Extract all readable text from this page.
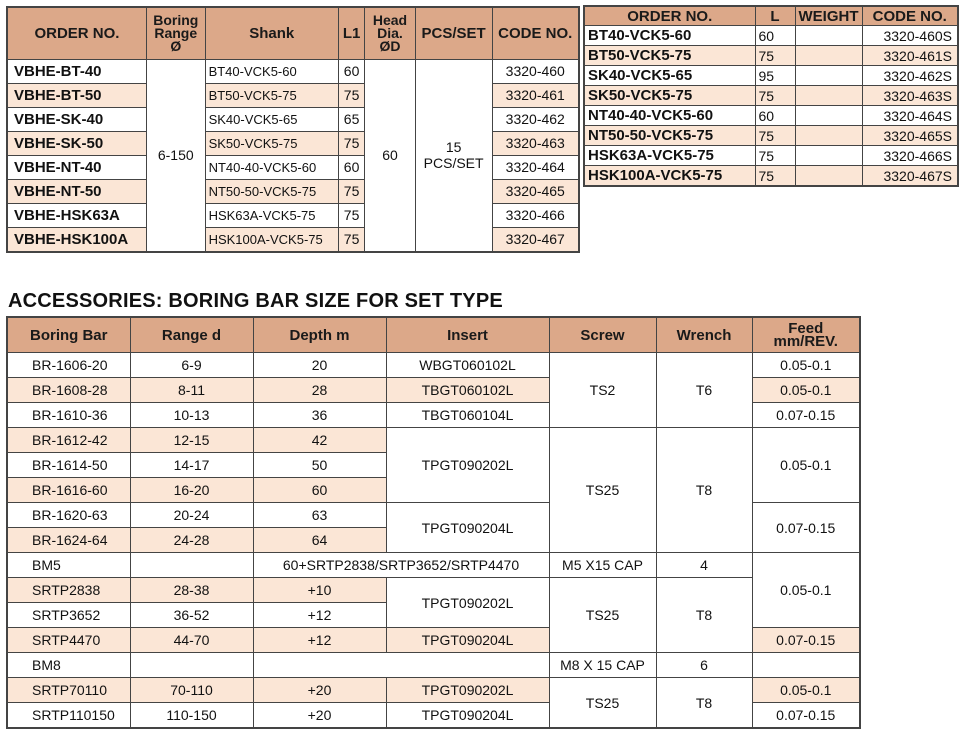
ORDER NO.	Boring Range Ø	Shank	L1	Head Dia. ØD	PCS/SET	CODE NO.
VBHE-BT-40	6-150	BT40-VCK5-60	60	60	15 PCS/SET	3320-460
VBHE-BT-50		BT50-VCK5-75	75			3320-461
VBHE-SK-40		SK40-VCK5-65	65			3320-462
VBHE-SK-50		SK50-VCK5-75	75			3320-463
VBHE-NT-40		NT40-40-VCK5-60	60			3320-464
VBHE-NT-50		NT50-50-VCK5-75	75			3320-465
VBHE-HSK63A		HSK63A-VCK5-75	75			3320-466
VBHE-HSK100A		HSK100A-VCK5-75	75			3320-467
ORDER NO.	L	WEIGHT	CODE NO.
BT40-VCK5-60	60		3320-460S
BT50-VCK5-75	75		3320-461S
SK40-VCK5-65	95		3320-462S
SK50-VCK5-75	75		3320-463S
NT40-40-VCK5-60	60		3320-464S
NT50-50-VCK5-75	75		3320-465S
HSK63A-VCK5-75	75		3320-466S
HSK100A-VCK5-75	75		3320-467S
ACCESSORIES: BORING BAR SIZE FOR SET TYPE
Boring Bar	Range d	Depth m	Insert	Screw	Wrench	Feed mm/REV.
BR-1606-20	6-9	20	WBGT060102L	TS2	T6	0.05-0.1
BR-1608-28	8-11	28	TBGT060102L			0.05-0.1
BR-1610-36	10-13	36	TBGT060104L			0.07-0.15
BR-1612-42	12-15	42	TPGT090202L	TS25	T8	0.05-0.1
BR-1614-50	14-17	50				
BR-1616-60	16-20	60				
BR-1620-63	20-24	63	TPGT090204L			0.07-0.15
BR-1624-64	24-28	64				
BM5		60+SRTP2838/SRTP3652/SRTP4470		M5 X15 CAP	4	0.05-0.1
SRTP2838	28-38	+10	TPGT090202L	TS25	T8	
SRTP3652	36-52	+12				
SRTP4470	44-70	+12	TPGT090204L			0.07-0.15
BM8				M8 X 15 CAP	6	
SRTP70110	70-110	+20	TPGT090202L	TS25	T8	0.05-0.1
SRTP110150	110-150	+20	TPGT090204L			0.07-0.15
